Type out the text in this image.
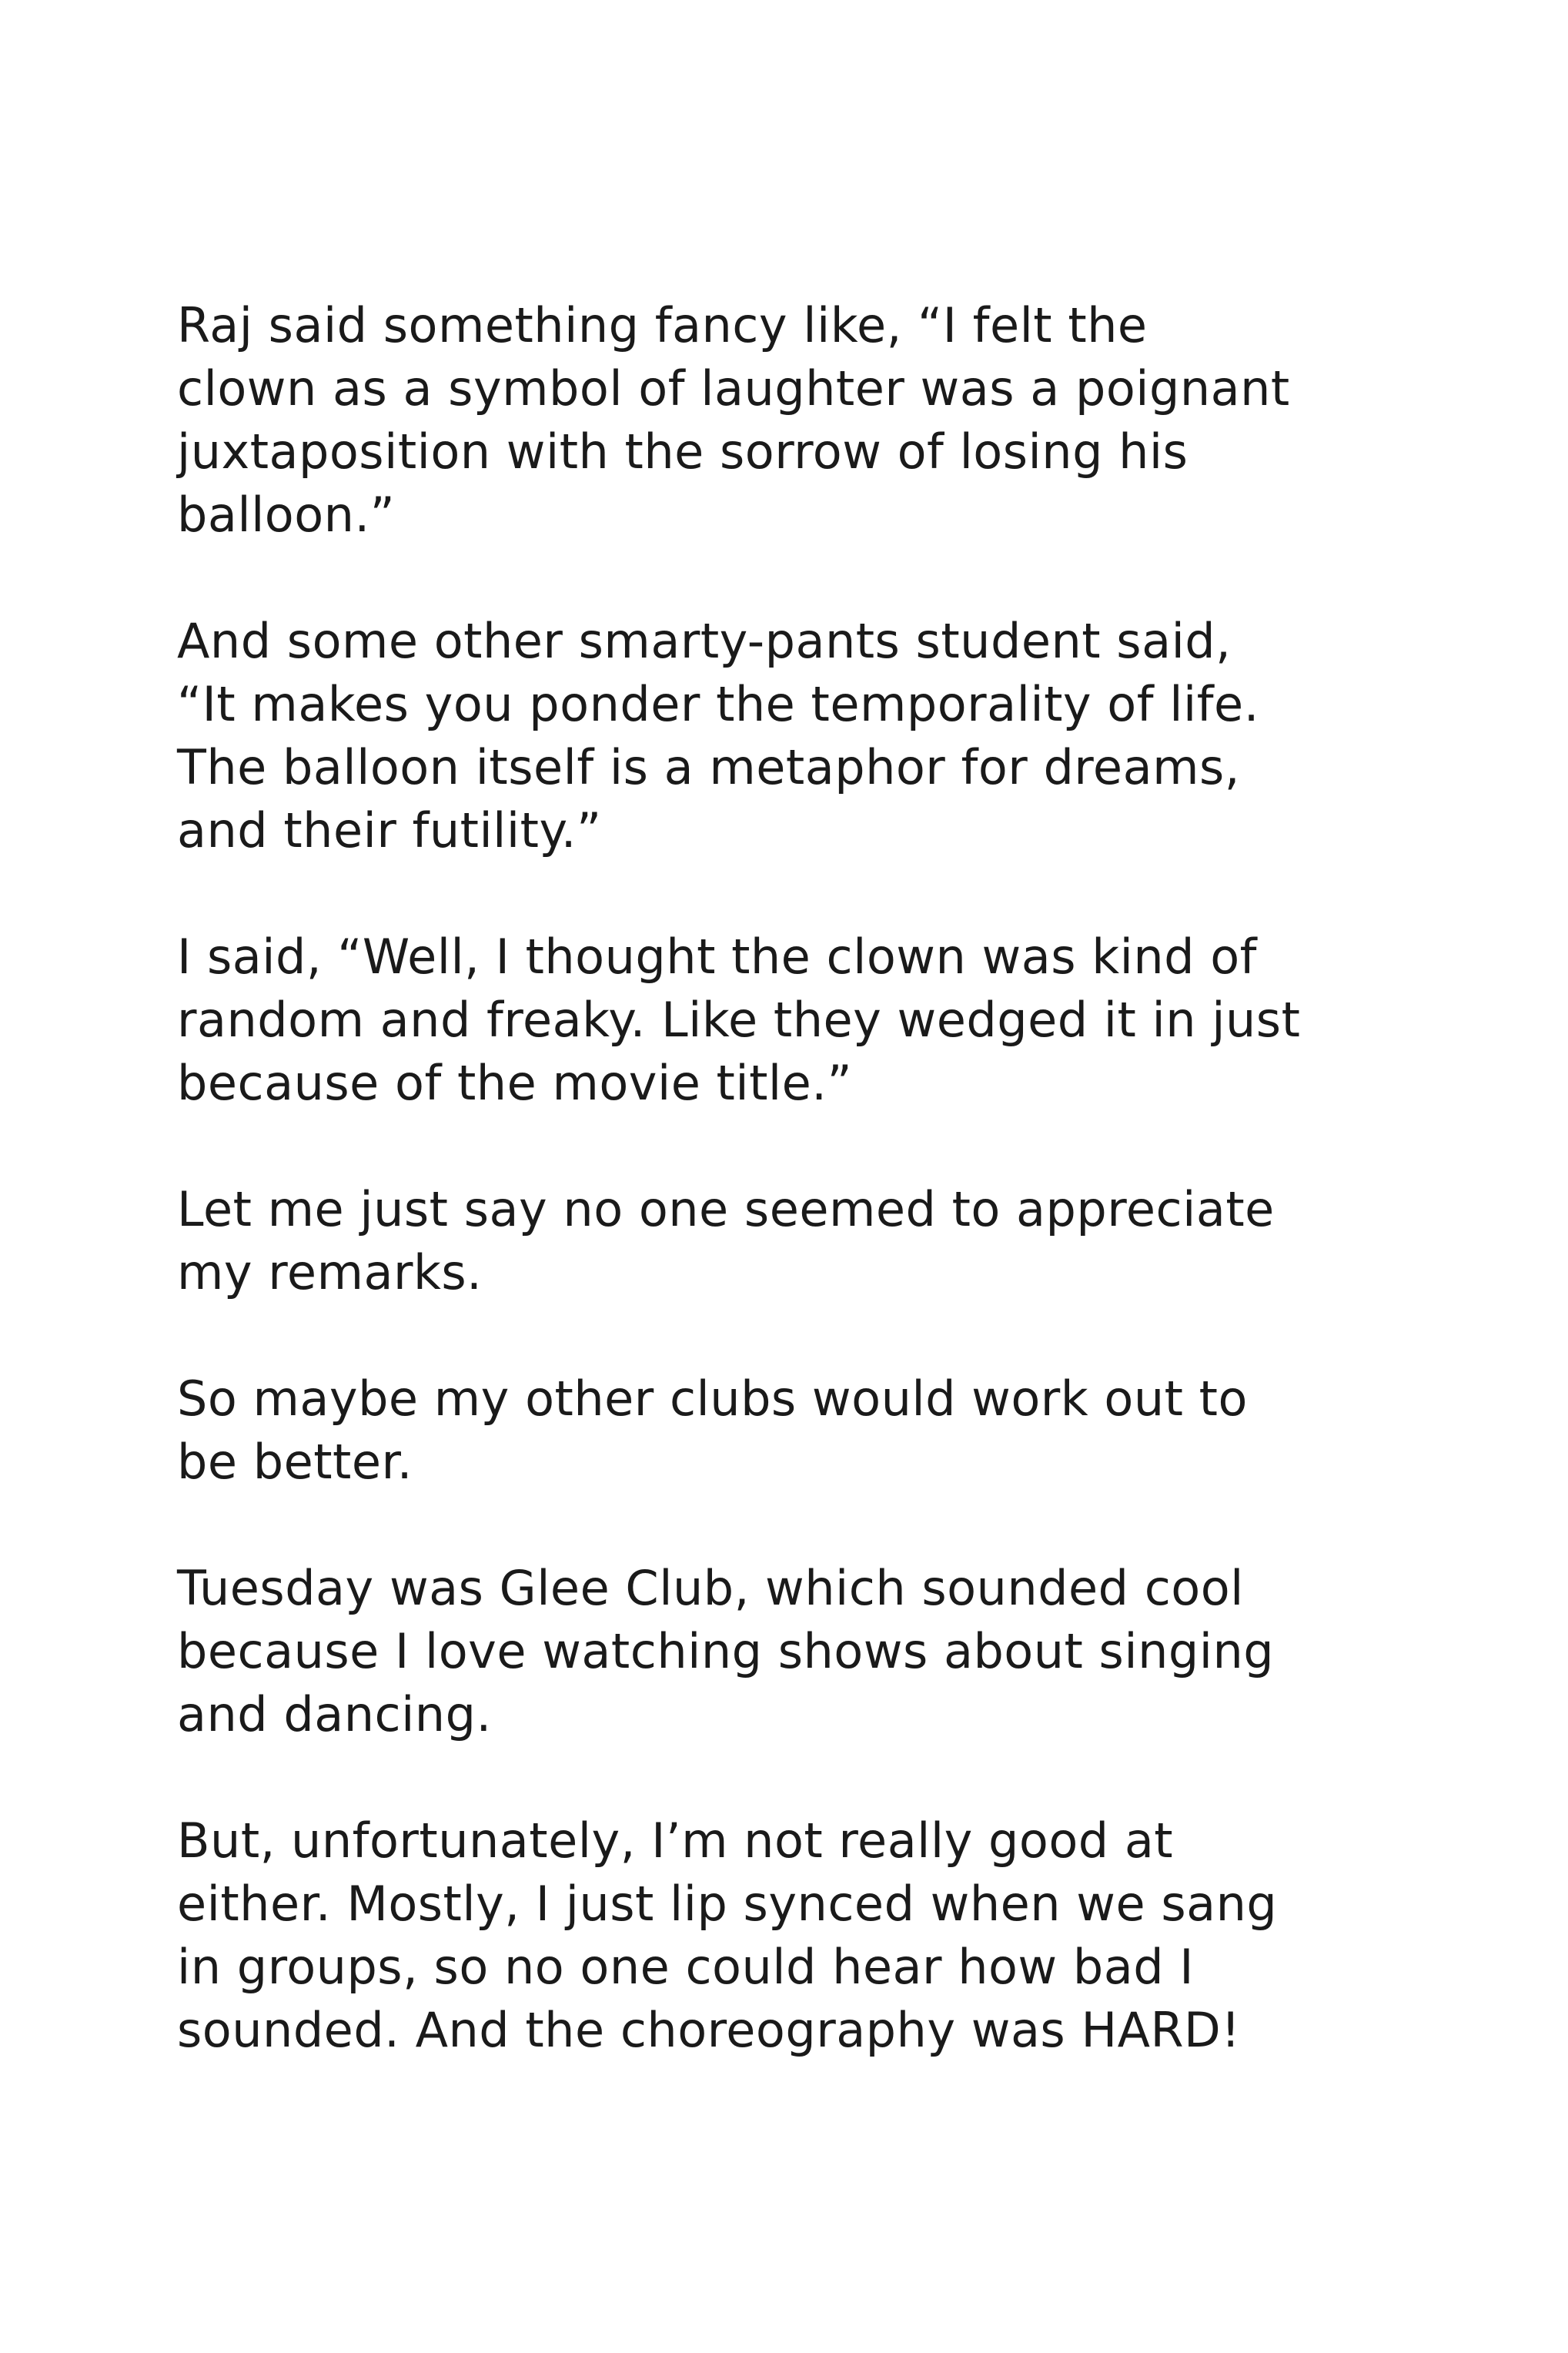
Raj said something fancy like, “I felt the
clown as a symbol of laughter was a poignant
juxtaposition with the sorrow of losing his
balloon.”

And some other smarty-pants student said,
“It makes you ponder the temporality of life.
The balloon itself is a metaphor for dreams,
and their futility.”

I said, “Well, I thought the clown was kind of
random and freaky. Like they wedged it in just
because of the movie title.”

Let me just say no one seemed to appreciate
my remarks.

So maybe my other clubs would work out to
be better.

Tuesday was Glee Club, which sounded cool
because I love watching shows about singing
and dancing.

But, unfortunately, I’m not really good at
either. Mostly, I just lip synced when we sang
in groups, so no one could hear how bad I
sounded. And the choreography was HARD!
